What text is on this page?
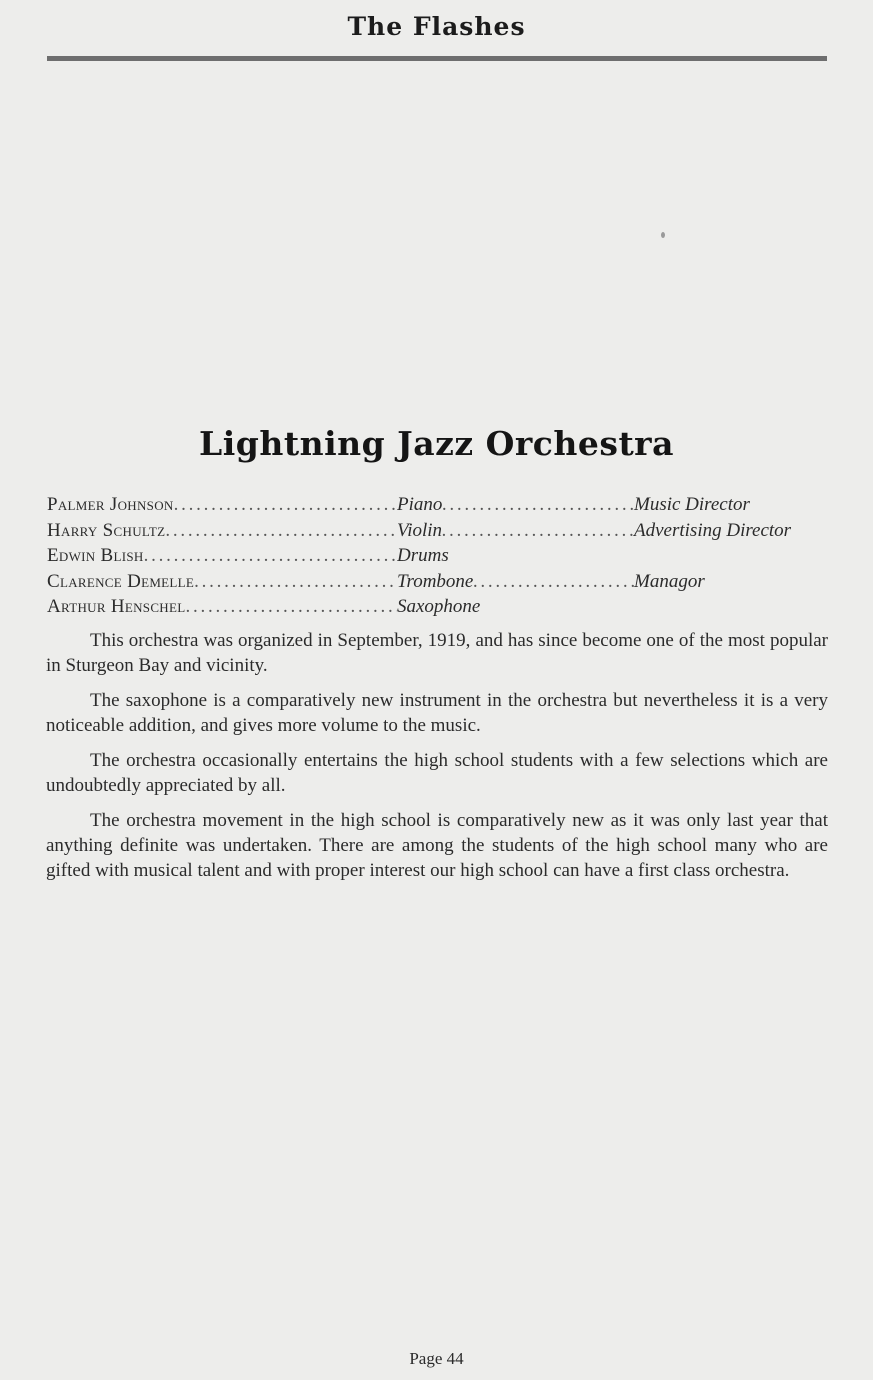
The Flashes
Lightning Jazz Orchestra
Palmer Johnson . . .	Piano . . .	Music Director
Harry Schultz . . .	Violin . . .	Advertising Director
Edwin Blish . . .	Drums
Clarence Demelle . . .	Trombone . . .	Managor
Arthur Henschel . . .	Saxophone

This orchestra was organized in September, 1919, and has since become one of the most popular in Sturgeon Bay and vicinity.

The saxophone is a comparatively new instrument in the orchestra but nevertheless it is a very noticeable addition, and gives more volume to the music.

The orchestra occasionally entertains the high school students with a few selections which are undoubtedly appreciated by all.

The orchestra movement in the high school is comparatively new as it was only last year that anything definite was undertaken. There are among the students of the high school many who are gifted with musical talent and with proper interest our high school can have a first class orchestra.

Page 44
